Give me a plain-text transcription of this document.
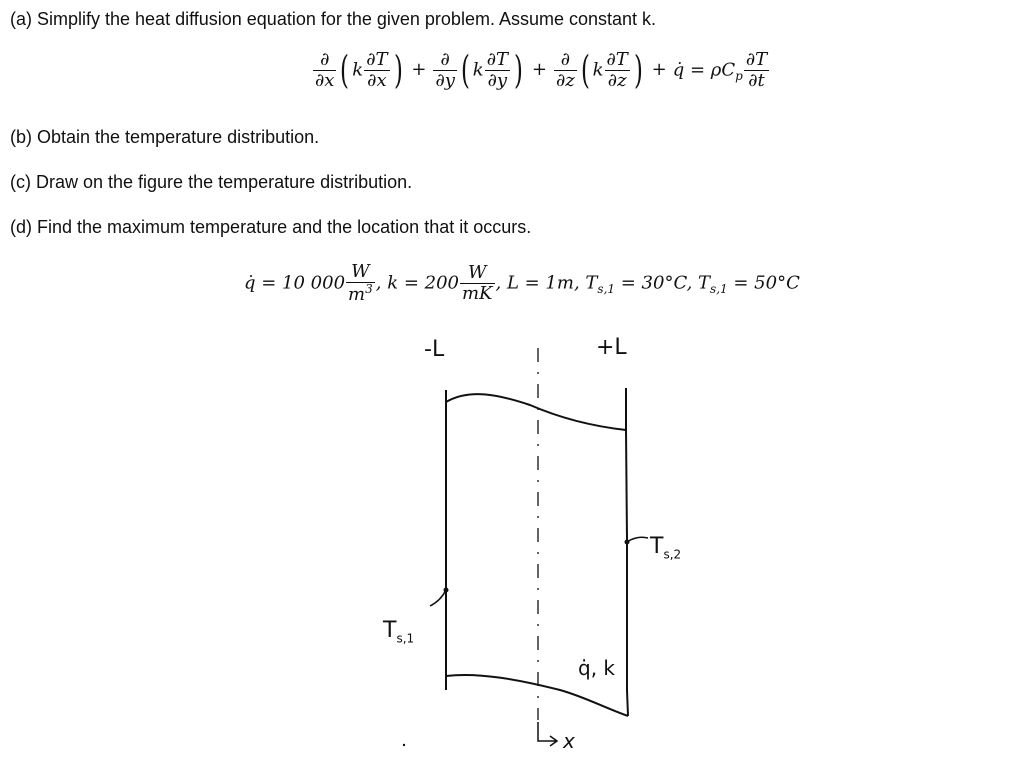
(a) Simplify the heat diffusion equation for the given problem. Assume constant k.
$\frac{\partial}{\partial x}$ ( k $\frac{\partial T}{\partial x}$ ) + $\frac{\partial}{\partial y}$ ( k $\frac{\partial T}{\partial y}$ ) + $\frac{\partial}{\partial z}$ ( k $\frac{\partial T}{\partial z}$ ) + q̇ = $\rho C_p \frac{\partial T}{\partial t}$
(b) Obtain the temperature distribution.
(c) Draw on the figure the temperature distribution.
(d) Find the maximum temperature and the location that it occurs.
q̇ = 10 $000 \frac{W}{m^3}$ , $k = 200 \frac{W}{mK}$ , L = 1m, $T_{s,1} = 30^\circ C$, $T_{s,1} = 50^\circ C$
-L	+L
$T_{s,1}$
$T_{s,2}$
q̇, k
x
